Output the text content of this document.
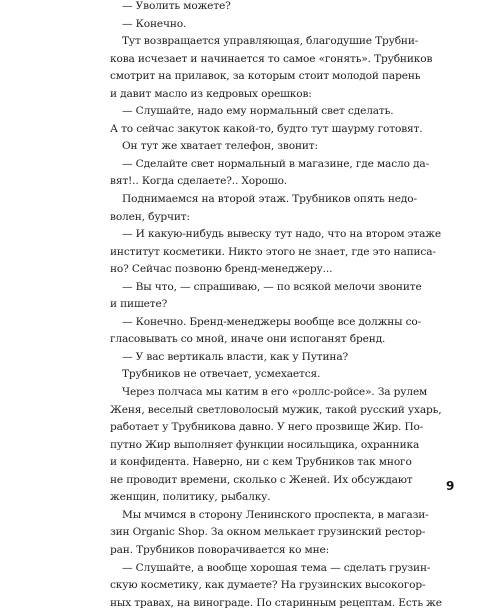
— Уволить можете?
— Конечно.
Тут возвращается управляющая, благодушие Трубни-
кова исчезает и начинается то самое «гонять». Трубников
смотрит на прилавок, за которым стоит молодой парень
и давит масло из кедровых орешков:
— Слушайте, надо ему нормальный свет сделать.
А то сейчас закуток какой-то, будто тут шаурму готовят.
Он тут же хватает телефон, звонит:
— Сделайте свет нормальный в магазине, где масло да-
вят!.. Когда сделаете?.. Хорошо.
Поднимаемся на второй этаж. Трубников опять недо-
волен, бурчит:
— И какую-нибудь вывеску тут надо, что на втором этаже
институт косметики. Никто этого не знает, где это написа-
но? Сейчас позвоню бренд-менеджеру...
— Вы что, — спрашиваю, — по всякой мелочи звоните
и пишете?
— Конечно. Бренд-менеджеры вообще все должны со-
гласовывать со мной, иначе они испоганят бренд.
— У вас вертикаль власти, как у Путина?
Трубников не отвечает, усмехается.
Через полчаса мы катим в его «роллс-ройсе». За рулем
Женя, веселый светловолосый мужик, такой русский ухарь,
работает у Трубникова давно. У него прозвище Жир. По-
путно Жир выполняет функции носильщика, охранника
и конфидента. Наверно, ни с кем Трубников так много
не проводит времени, сколько с Женей. Их обсуждают
женщин, политику, рыбалку.
Мы мчимся в сторону Ленинского проспекта, в магази-
зин Organic Shop. За окном мелькает грузинский рестор-
ран. Трубников поворачивается ко мне:
— Слушайте, а вообще хорошая тема — сделать грузин-
скую косметику, как думаете? На грузинских высокогор-
ных травах, на винограде. По старинным рецептам. Есть же
9
